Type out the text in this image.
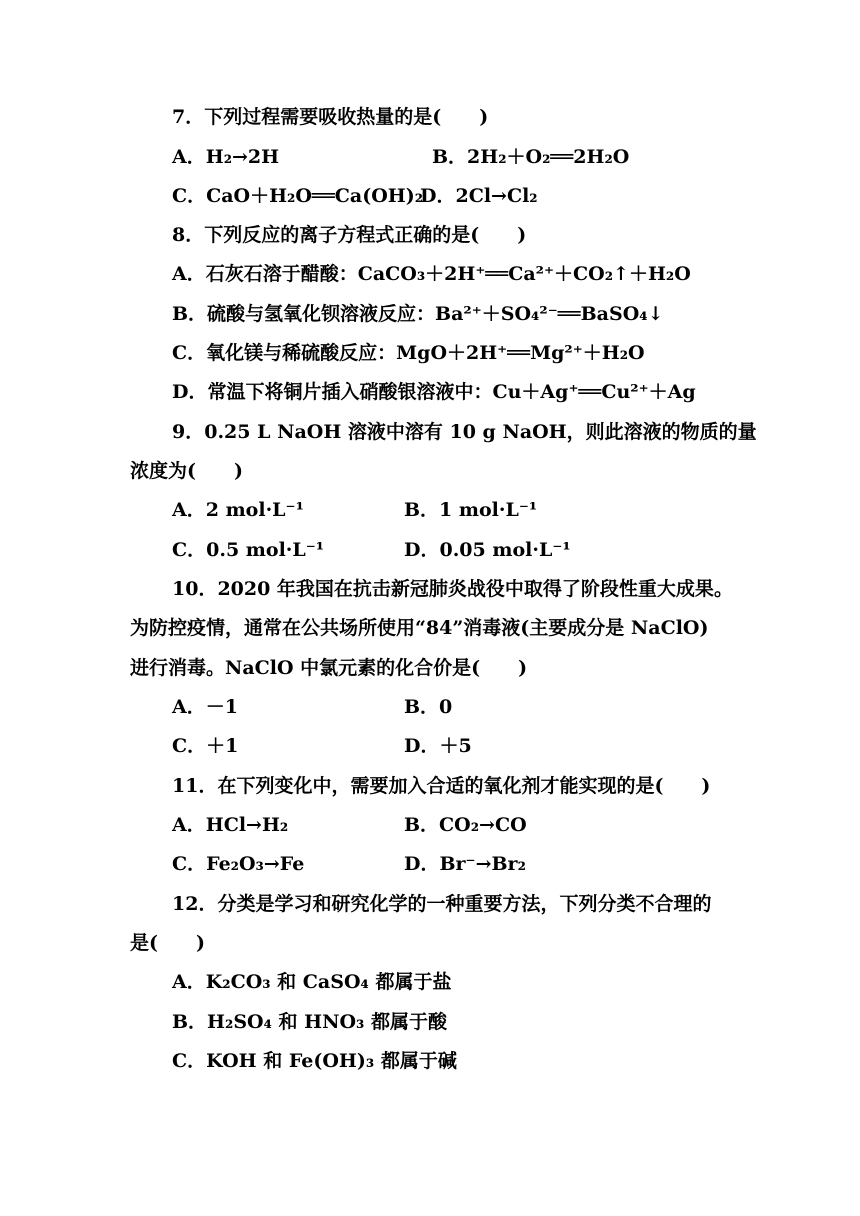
7．下列过程需要吸收热量的是(　　)
A．H₂→2H	B．2H₂＋O₂══2H₂O
C．CaO＋H₂O══Ca(OH)₂
D．2Cl→Cl₂
8．下列反应的离子方程式正确的是(　　)
A．石灰石溶于醋酸：CaCO₃＋2H⁺══Ca²⁺＋CO₂↑＋H₂O
B．硫酸与氢氧化钡溶液反应：Ba²⁺＋SO₄²⁻══BaSO₄↓
C．氧化镁与稀硫酸反应：MgO＋2H⁺══Mg²⁺＋H₂O
D．常温下将铜片插入硝酸银溶液中：Cu＋Ag⁺══Cu²⁺＋Ag
9．0.25 L NaOH 溶液中溶有 10 g NaOH，则此溶液的物质的量
浓度为(　　)
A．2 mol·L⁻¹	B．1 mol·L⁻¹
C．0.5 mol·L⁻¹	D．0.05 mol·L⁻¹
10．2020 年我国在抗击新冠肺炎战役中取得了阶段性重大成果。
为防控疫情，通常在公共场所使用“84”消毒液(主要成分是 NaClO)
进行消毒。NaClO 中氯元素的化合价是(　　)
A．－1	B．0
C．＋1	D．＋5
11．在下列变化中，需要加入合适的氧化剂才能实现的是(　　)
A．HCl→H₂	B．CO₂→CO
C．Fe₂O₃→Fe	D．Br⁻→Br₂
12．分类是学习和研究化学的一种重要方法，下列分类不合理的
是(　　)
A．K₂CO₃ 和 CaSO₄ 都属于盐
B．H₂SO₄ 和 HNO₃ 都属于酸
C．KOH 和 Fe(OH)₃ 都属于碱
